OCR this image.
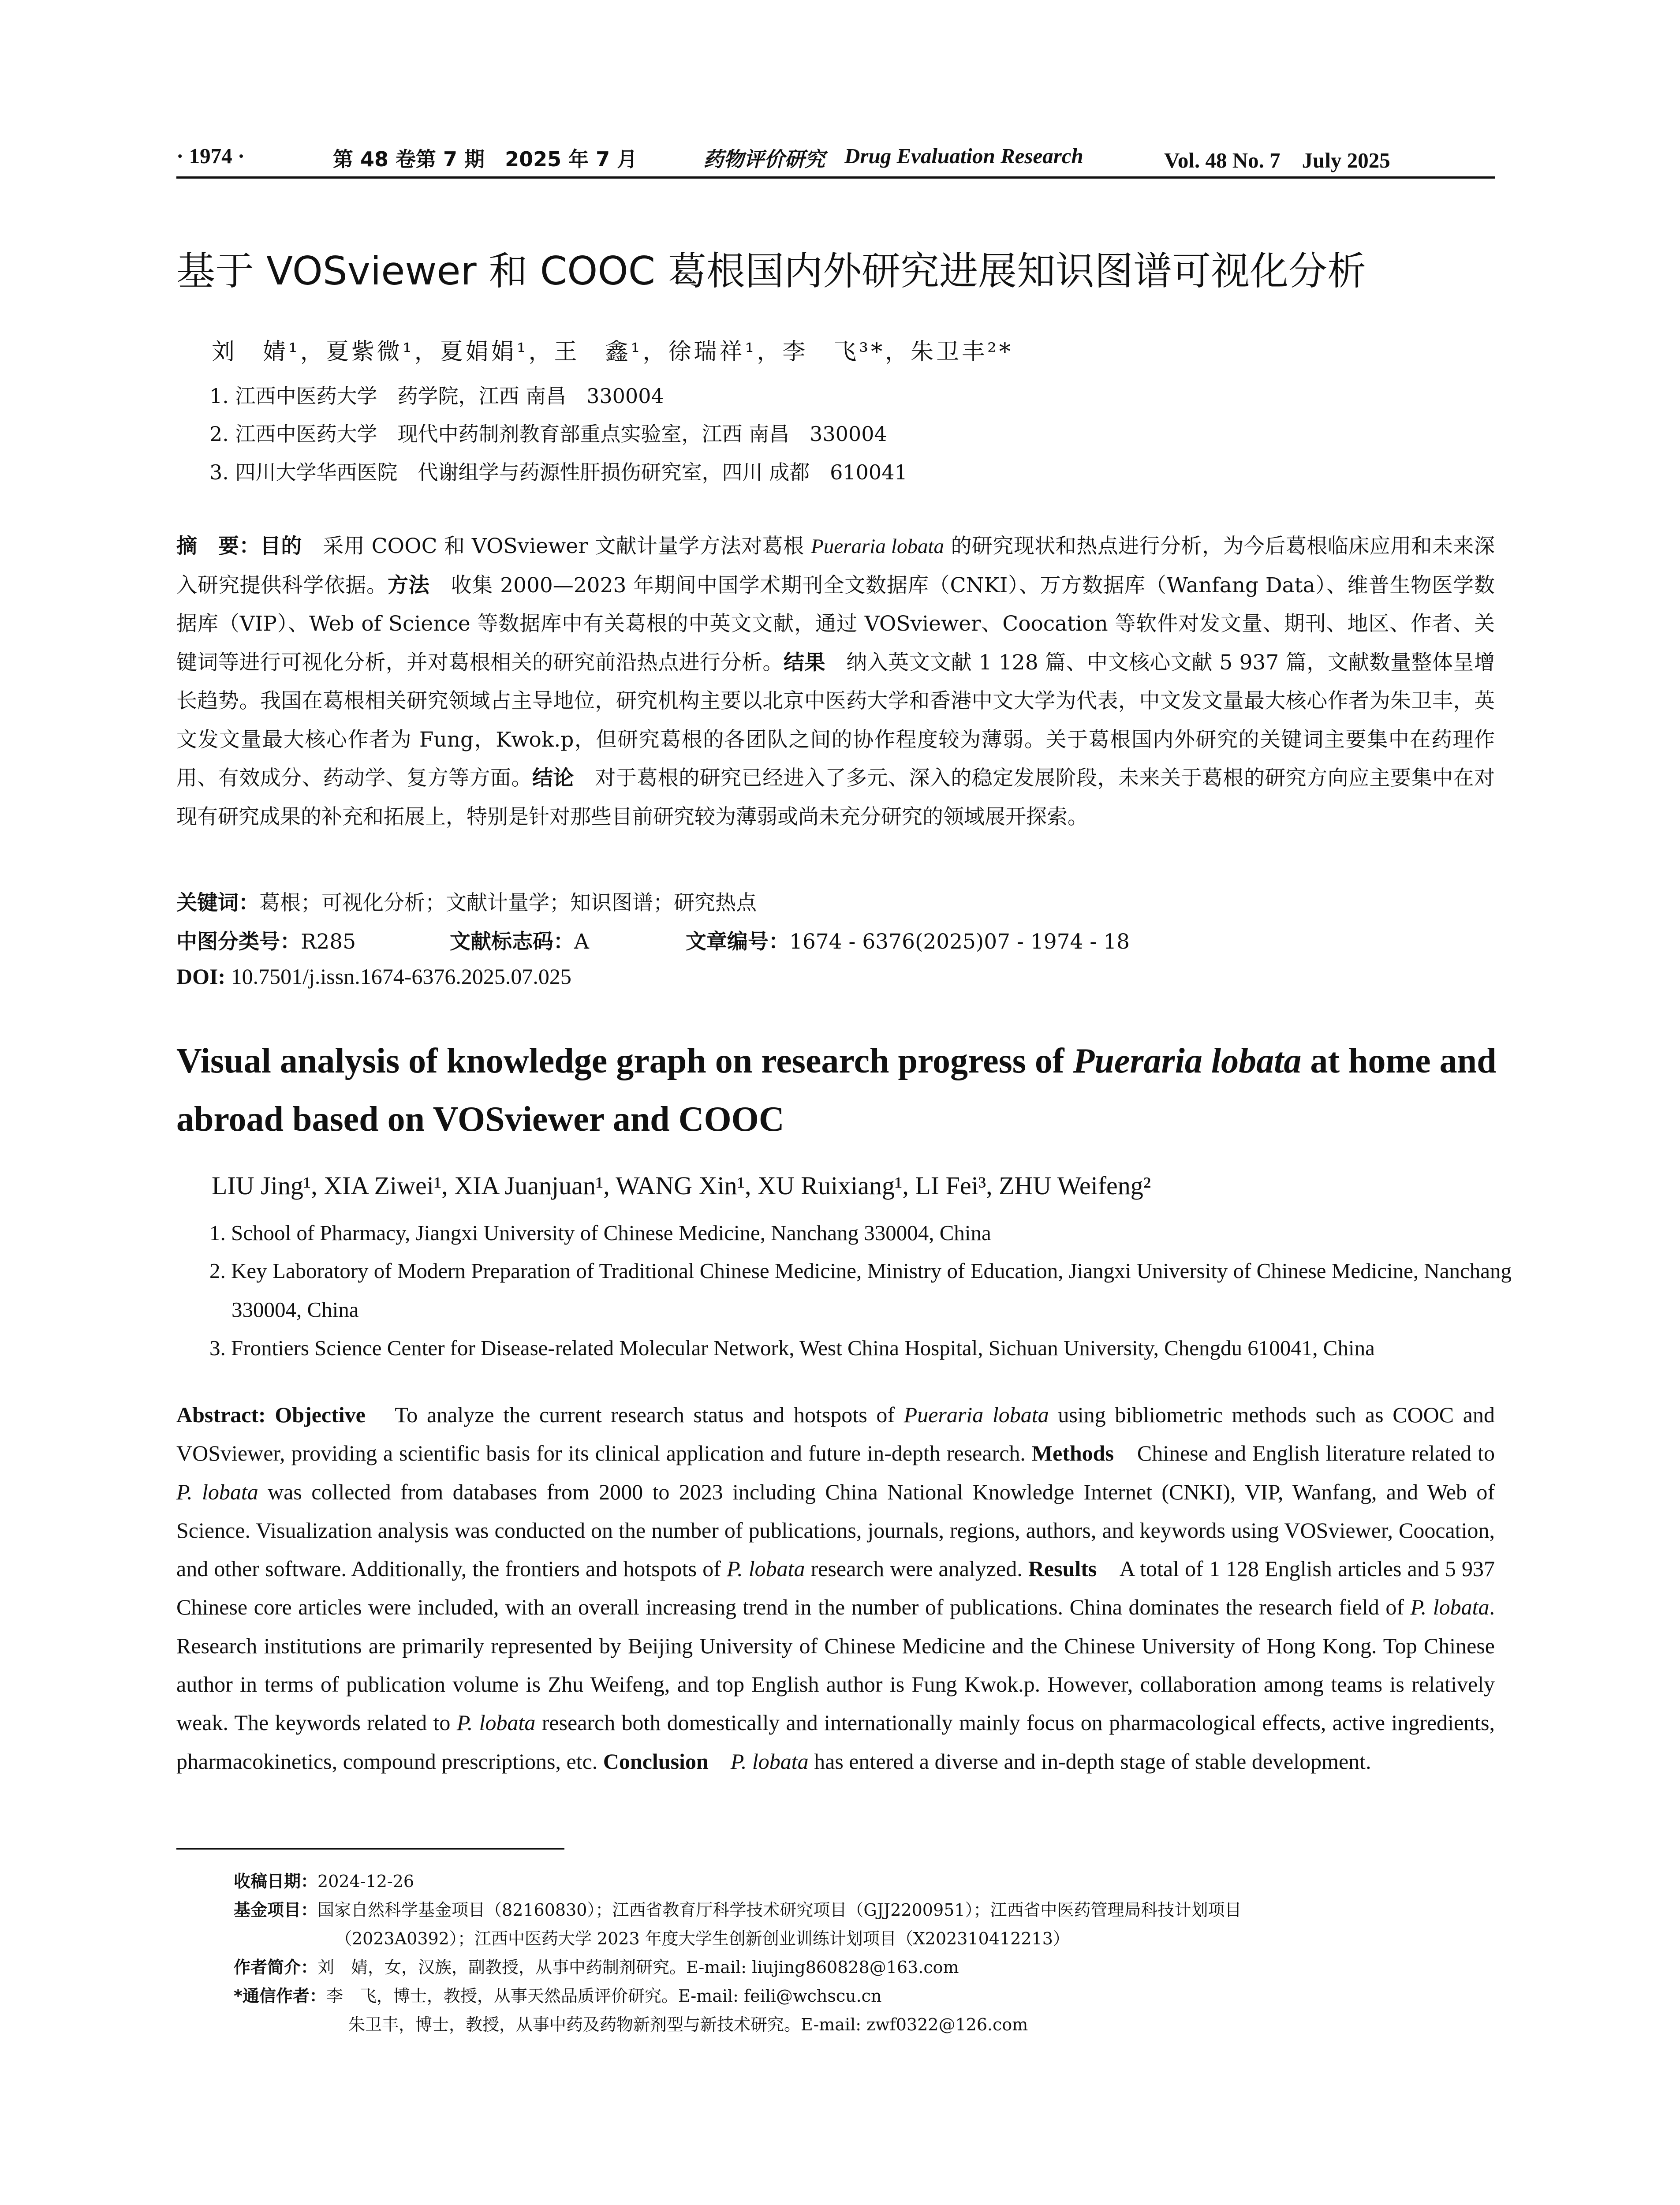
· 1974 ·	第 48 卷第 7 期　2025 年 7 月	药物评价研究 Drug Evaluation Research	Vol. 48 No. 7　July 2025
基于 VOSviewer 和 COOC 葛根国内外研究进展知识图谱可视化分析
刘　婧¹，夏紫微¹，夏娟娟¹，王　鑫¹，徐瑞祥¹，李　飞³*，朱卫丰²*
1. 江西中医药大学　药学院，江西 南昌　330004
2. 江西中医药大学　现代中药制剂教育部重点实验室，江西 南昌　330004
3. 四川大学华西医院　代谢组学与药源性肝损伤研究室，四川 成都　610041
摘　要：目的　采用 COOC 和 VOSviewer 文献计量学方法对葛根 Pueraria lobata 的研究现状和热点进行分析，为今后葛根临床应用和未来深入研究提供科学依据。方法　收集 2000—2023 年期间中国学术期刊全文数据库（CNKI）、万方数据库（Wanfang Data）、维普生物医学数据库（VIP）、Web of Science 等数据库中有关葛根的中英文文献，通过 VOSviewer、Coocation 等软件对发文量、期刊、地区、作者、关键词等进行可视化分析，并对葛根相关的研究前沿热点进行分析。结果　纳入英文文献 1 128 篇、中文核心文献 5 937 篇，文献数量整体呈增长趋势。我国在葛根相关研究领域占主导地位，研究机构主要以北京中医药大学和香港中文大学为代表，中文发文量最大核心作者为朱卫丰，英文发文量最大核心作者为 Fung，Kwok.p，但研究葛根的各团队之间的协作程度较为薄弱。关于葛根国内外研究的关键词主要集中在药理作用、有效成分、药动学、复方等方面。结论　对于葛根的研究已经进入了多元、深入的稳定发展阶段，未来关于葛根的研究方向应主要集中在对现有研究成果的补充和拓展上，特别是针对那些目前研究较为薄弱或尚未充分研究的领域展开探索。
关键词：葛根；可视化分析；文献计量学；知识图谱；研究热点
中图分类号：R285	文献标志码：A	文章编号：1674 - 6376(2025)07 - 1974 - 18
DOI: 10.7501/j.issn.1674-6376.2025.07.025
Visual analysis of knowledge graph on research progress of Pueraria lobata at home and abroad based on VOSviewer and COOC
LIU Jing¹, XIA Ziwei¹, XIA Juanjuan¹, WANG Xin¹, XU Ruixiang¹, LI Fei³, ZHU Weifeng²
1. School of Pharmacy, Jiangxi University of Chinese Medicine, Nanchang 330004, China
2. Key Laboratory of Modern Preparation of Traditional Chinese Medicine, Ministry of Education, Jiangxi University of Chinese Medicine, Nanchang 330004, China
3. Frontiers Science Center for Disease-related Molecular Network, West China Hospital, Sichuan University, Chengdu 610041, China
Abstract: Objective　To analyze the current research status and hotspots of Pueraria lobata using bibliometric methods such as COOC and VOSviewer, providing a scientific basis for its clinical application and future in-depth research. Methods　Chinese and English literature related to P. lobata was collected from databases from 2000 to 2023 including China National Knowledge Internet (CNKI), VIP, Wanfang, and Web of Science. Visualization analysis was conducted on the number of publications, journals, regions, authors, and keywords using VOSviewer, Coocation, and other software. Additionally, the frontiers and hotspots of P. lobata research were analyzed. Results　A total of 1 128 English articles and 5 937 Chinese core articles were included, with an overall increasing trend in the number of publications. China dominates the research field of P. lobata. Research institutions are primarily represented by Beijing University of Chinese Medicine and the Chinese University of Hong Kong. Top Chinese author in terms of publication volume is Zhu Weifeng, and top English author is Fung Kwok.p. However, collaboration among teams is relatively weak. The keywords related to P. lobata research both domestically and internationally mainly focus on pharmacological effects, active ingredients, pharmacokinetics, compound prescriptions, etc. Conclusion　 P. lobata has entered a diverse and in-depth stage of stable development.
收稿日期：2024-12-26
基金项目：国家自然科学基金项目（82160830）；江西省教育厅科学技术研究项目（GJJ2200951）；江西省中医药管理局科技计划项目
（2023A0392）；江西中医药大学 2023 年度大学生创新创业训练计划项目（X202310412213）
作者简介：刘　婧，女，汉族，副教授，从事中药制剂研究。E-mail: liujing860828@163.com
*通信作者：李　飞，博士，教授，从事天然品质评价研究。E-mail: feili@wchscu.cn
朱卫丰，博士，教授，从事中药及药物新剂型与新技术研究。E-mail: zwf0322@126.com
